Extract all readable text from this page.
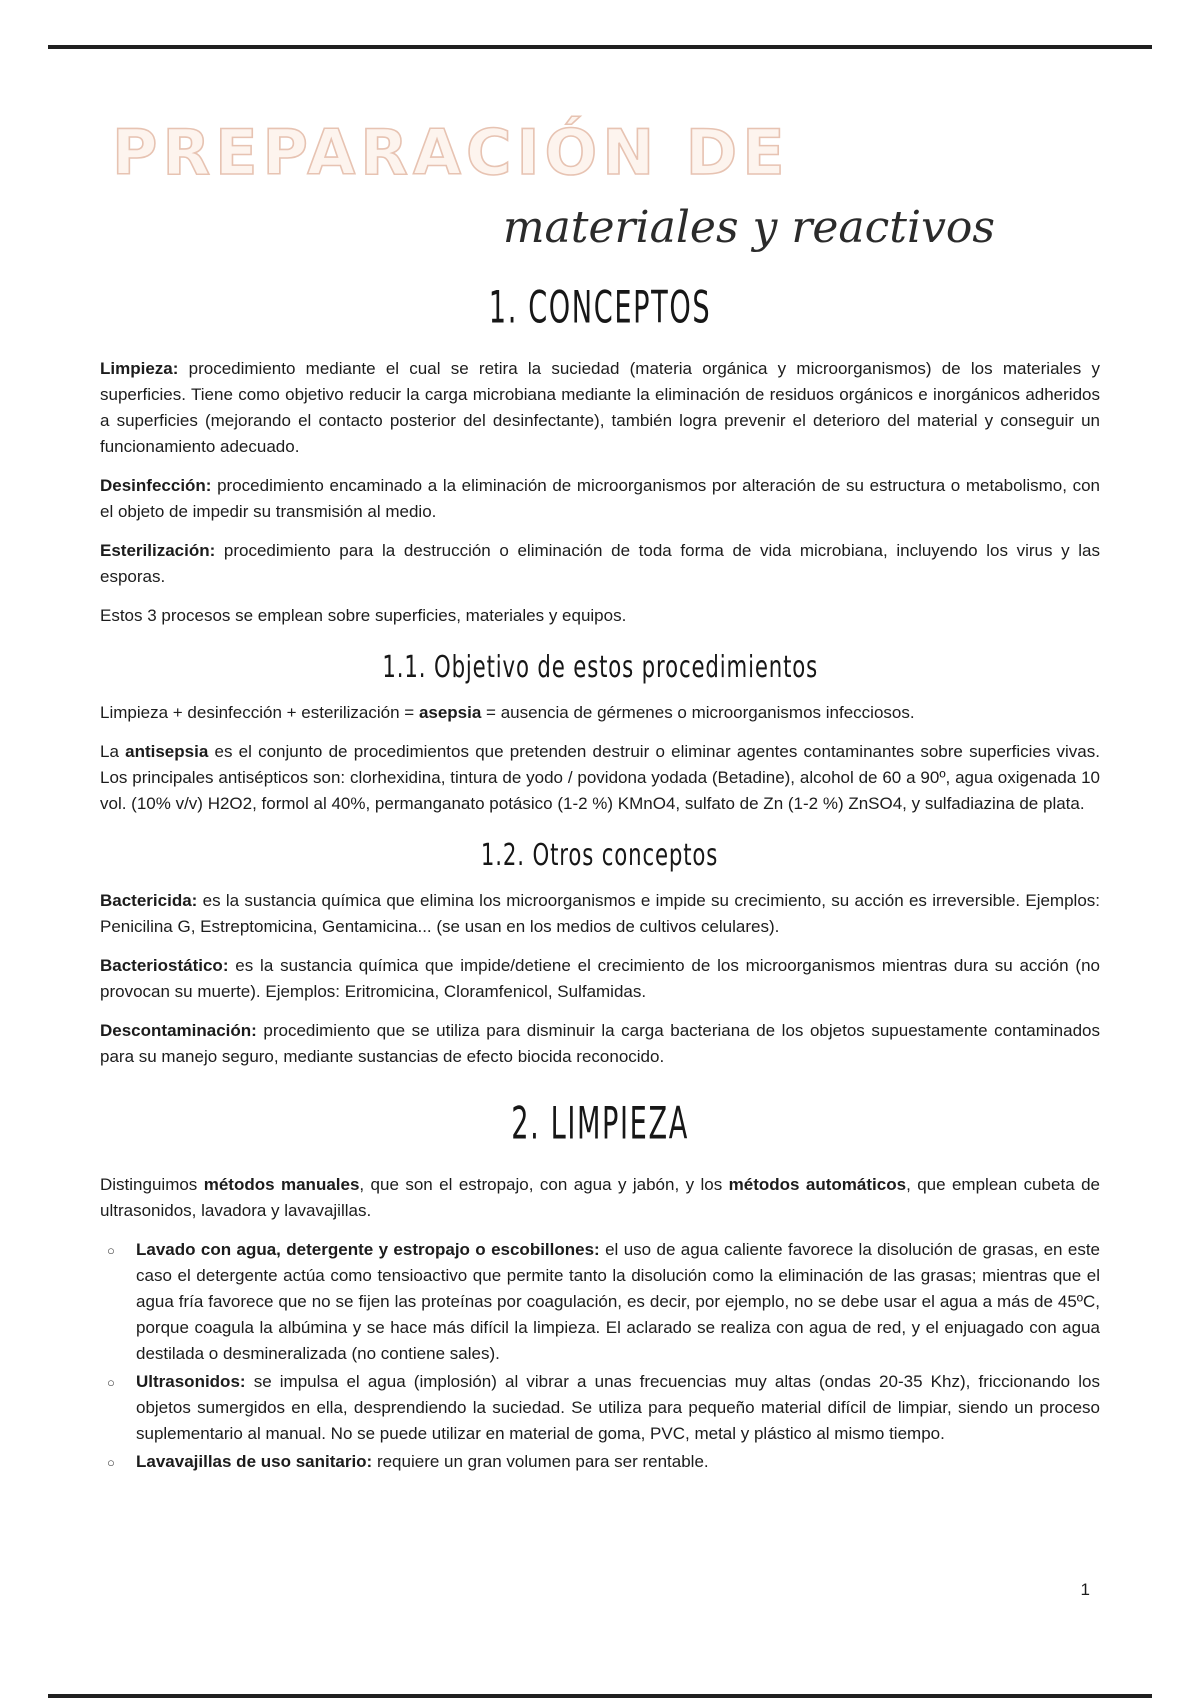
PREPARACIÓN DE
materiales y reactivos
1. CONCEPTOS

Limpieza: procedimiento mediante el cual se retira la suciedad (materia orgánica y microorganismos) de los materiales y superficies. Tiene como objetivo reducir la carga microbiana mediante la eliminación de residuos orgánicos e inorgánicos adheridos a superficies (mejorando el contacto posterior del desinfectante), también logra prevenir el deterioro del material y conseguir un funcionamiento adecuado.

Desinfección: procedimiento encaminado a la eliminación de microorganismos por alteración de su estructura o metabolismo, con el objeto de impedir su transmisión al medio.

Esterilización: procedimiento para la destrucción o eliminación de toda forma de vida microbiana, incluyendo los virus y las esporas.

Estos 3 procesos se emplean sobre superficies, materiales y equipos.

1.1. Objetivo de estos procedimientos

Limpieza + desinfección + esterilización = asepsia = ausencia de gérmenes o microorganismos infecciosos.

La antisepsia es el conjunto de procedimientos que pretenden destruir o eliminar agentes contaminantes sobre superficies vivas. Los principales antisépticos son: clorhexidina, tintura de yodo / povidona yodada (Betadine), alcohol de 60 a 90º, agua oxigenada 10 vol. (10% v/v) H2O2, formol al 40%, permanganato potásico (1-2 %) KMnO4, sulfato de Zn (1-2 %) ZnSO4, y sulfadiazina de plata.

1.2. Otros conceptos

Bactericida: es la sustancia química que elimina los microorganismos e impide su crecimiento, su acción es irreversible. Ejemplos: Penicilina G, Estreptomicina, Gentamicina... (se usan en los medios de cultivos celulares).

Bacteriostático: es la sustancia química que impide/detiene el crecimiento de los microorganismos mientras dura su acción (no provocan su muerte). Ejemplos: Eritromicina, Cloramfenicol, Sulfamidas.

Descontaminación: procedimiento que se utiliza para disminuir la carga bacteriana de los objetos supuestamente contaminados para su manejo seguro, mediante sustancias de efecto biocida reconocido.

2. LIMPIEZA

Distinguimos métodos manuales, que son el estropajo, con agua y jabón, y los métodos automáticos, que emplean cubeta de ultrasonidos, lavadora y lavavajillas.

○ Lavado con agua, detergente y estropajo o escobillones: el uso de agua caliente favorece la disolución de grasas, en este caso el detergente actúa como tensioactivo que permite tanto la disolución como la eliminación de las grasas; mientras que el agua fría favorece que no se fijen las proteínas por coagulación, es decir, por ejemplo, no se debe usar el agua a más de 45ºC, porque coagula la albúmina y se hace más difícil la limpieza. El aclarado se realiza con agua de red, y el enjuagado con agua destilada o desmineralizada (no contiene sales).
○ Ultrasonidos: se impulsa el agua (implosión) al vibrar a unas frecuencias muy altas (ondas 20-35 Khz), friccionando los objetos sumergidos en ella, desprendiendo la suciedad. Se utiliza para pequeño material difícil de limpiar, siendo un proceso suplementario al manual. No se puede utilizar en material de goma, PVC, metal y plástico al mismo tiempo.
○ Lavavajillas de uso sanitario: requiere un gran volumen para ser rentable.
1
